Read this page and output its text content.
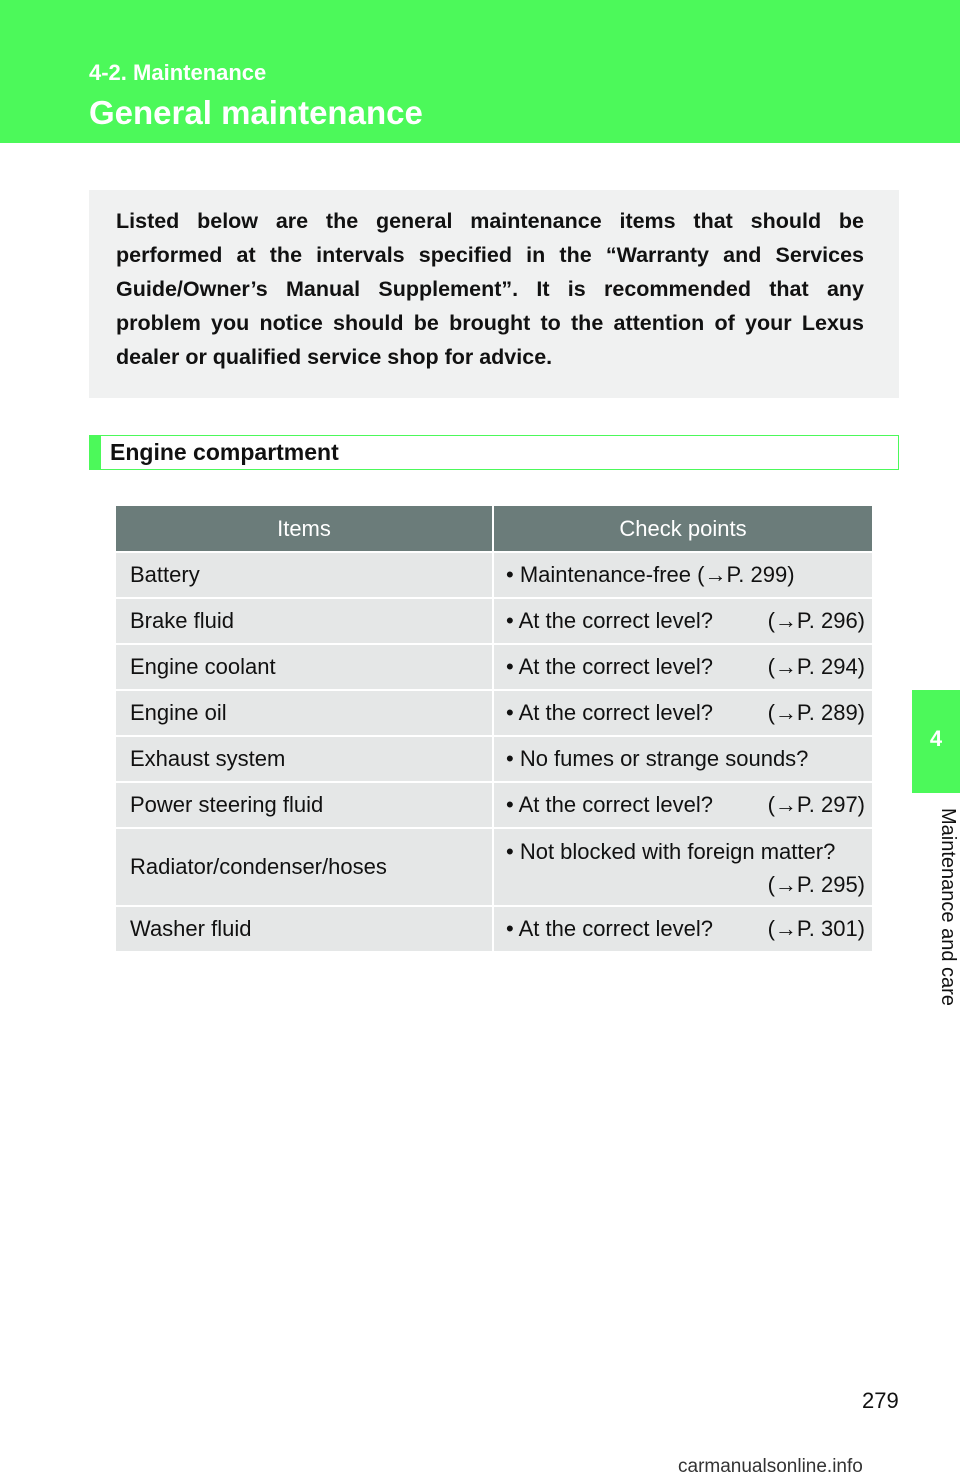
4-2. Maintenance
General maintenance

Listed below are the general maintenance items that should be performed at the intervals specified in the “Warranty and Services Guide/Owner’s Manual Supplement”. It is recommended that any problem you notice should be brought to the attention of your Lexus dealer or qualified service shop for advice.

Engine compartment
Items	Check points
Battery	• Maintenance-free (→P. 299)

Brake fluid	• At the correct level? (→P. 296)

Engine coolant	• At the correct level? (→P. 294)

Engine oil	• At the correct level? (→P. 289)

Exhaust system	• No fumes or strange sounds?

Power steering fluid	• At the correct level? (→P. 297)

Radiator/condenser/hoses	• Not blocked with foreign matter?
(→P. 295)

Washer fluid	• At the correct level? (→P. 301)
4
Maintenance and care
279
carmanualsonline.info
